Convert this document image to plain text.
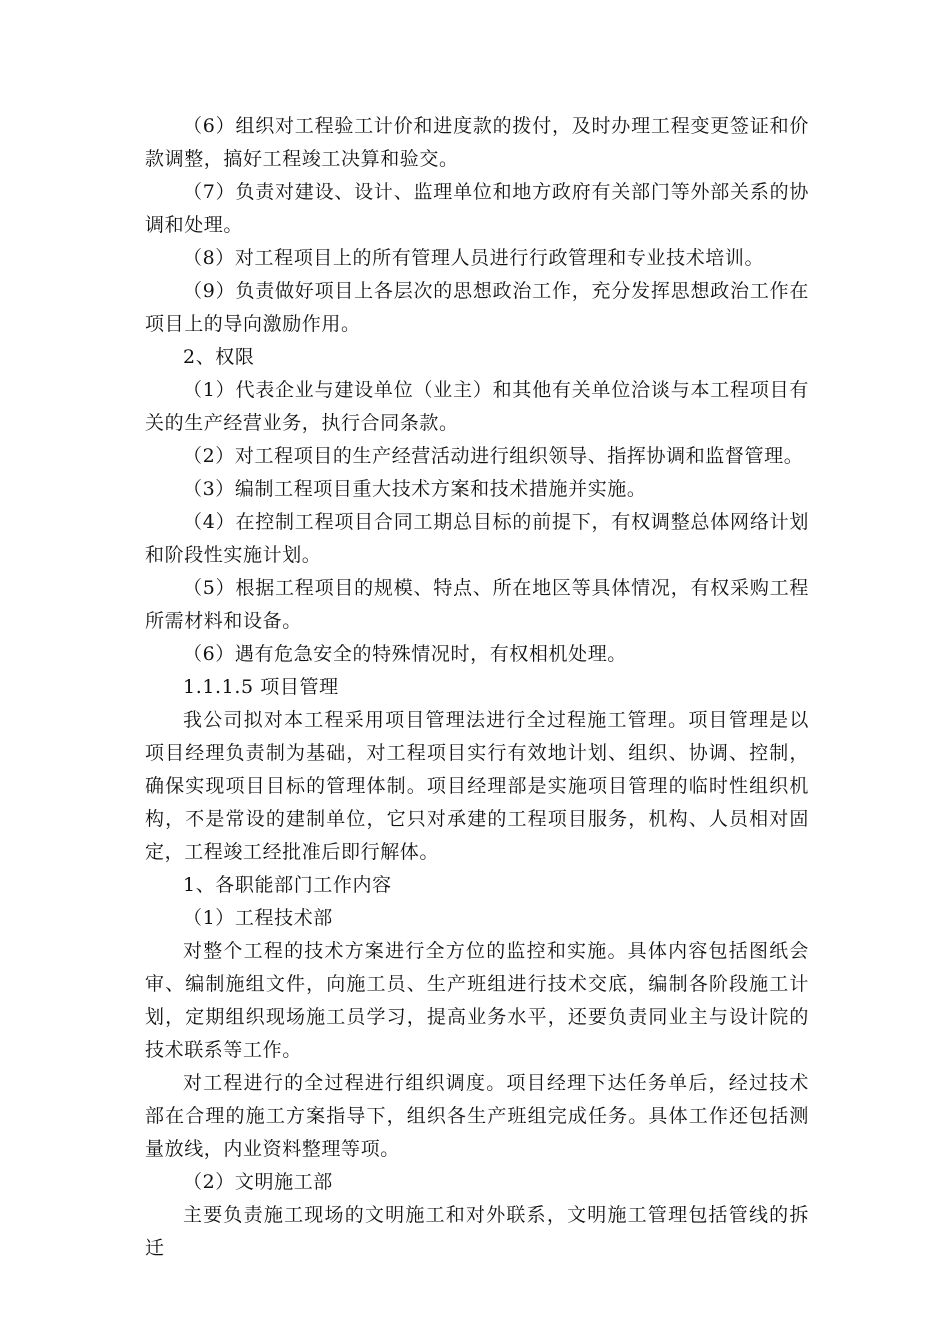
（6）组织对工程验工计价和进度款的拨付，及时办理工程变更签证和价款调整，搞好工程竣工决算和验交。

（7）负责对建设、设计、监理单位和地方政府有关部门等外部关系的协调和处理。

（8）对工程项目上的所有管理人员进行行政管理和专业技术培训。

（9）负责做好项目上各层次的思想政治工作，充分发挥思想政治工作在项目上的导向激励作用。

2、权限

（1）代表企业与建设单位（业主）和其他有关单位洽谈与本工程项目有关的生产经营业务，执行合同条款。

（2）对工程项目的生产经营活动进行组织领导、指挥协调和监督管理。

（3）编制工程项目重大技术方案和技术措施并实施。

（4）在控制工程项目合同工期总目标的前提下，有权调整总体网络计划和阶段性实施计划。

（5）根据工程项目的规模、特点、所在地区等具体情况，有权采购工程所需材料和设备。

（6）遇有危急安全的特殊情况时，有权相机处理。

1.1.1.5 项目管理

我公司拟对本工程采用项目管理法进行全过程施工管理。项目管理是以项目经理负责制为基础，对工程项目实行有效地计划、组织、协调、控制，确保实现项目目标的管理体制。项目经理部是实施项目管理的临时性组织机构，不是常设的建制单位，它只对承建的工程项目服务，机构、人员相对固定，工程竣工经批准后即行解体。

1、各职能部门工作内容

（1）工程技术部

对整个工程的技术方案进行全方位的监控和实施。具体内容包括图纸会审、编制施组文件，向施工员、生产班组进行技术交底，编制各阶段施工计划，定期组织现场施工员学习，提高业务水平，还要负责同业主与设计院的技术联系等工作。

对工程进行的全过程进行组织调度。项目经理下达任务单后，经过技术部在合理的施工方案指导下，组织各生产班组完成任务。具体工作还包括测量放线，内业资料整理等项。

（2）文明施工部

主要负责施工现场的文明施工和对外联系，文明施工管理包括管线的拆迁
